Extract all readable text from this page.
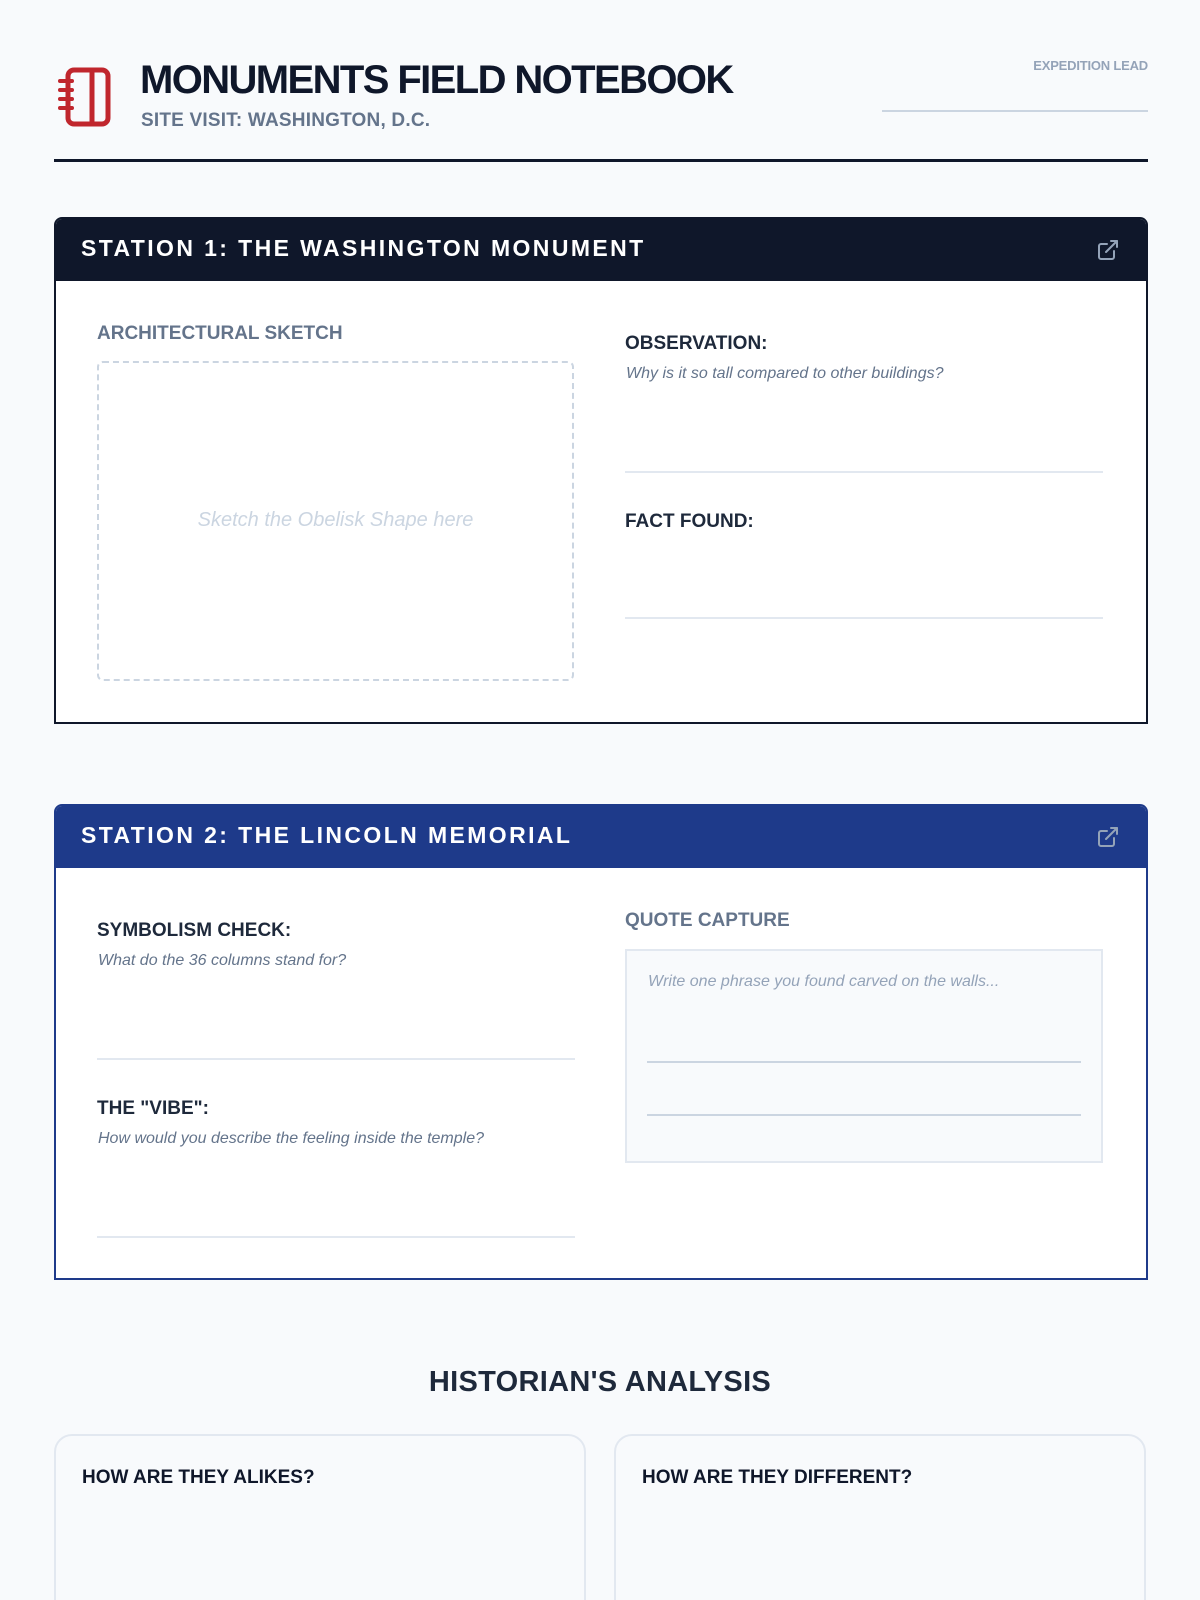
MONUMENTS FIELD NOTEBOOK
SITE VISIT: WASHINGTON, D.C.
EXPEDITION LEAD
STATION 1: THE WASHINGTON MONUMENT
ARCHITECTURAL SKETCH
Sketch the Obelisk Shape here
OBSERVATION:
Why is it so tall compared to other buildings?
FACT FOUND:
STATION 2: THE LINCOLN MEMORIAL
SYMBOLISM CHECK:
What do the 36 columns stand for?
THE "VIBE":
How would you describe the feeling inside the temple?
QUOTE CAPTURE
Write one phrase you found carved on the walls...
HISTORIAN'S ANALYSIS
HOW ARE THEY ALIKES?	HOW ARE THEY DIFFERENT?
